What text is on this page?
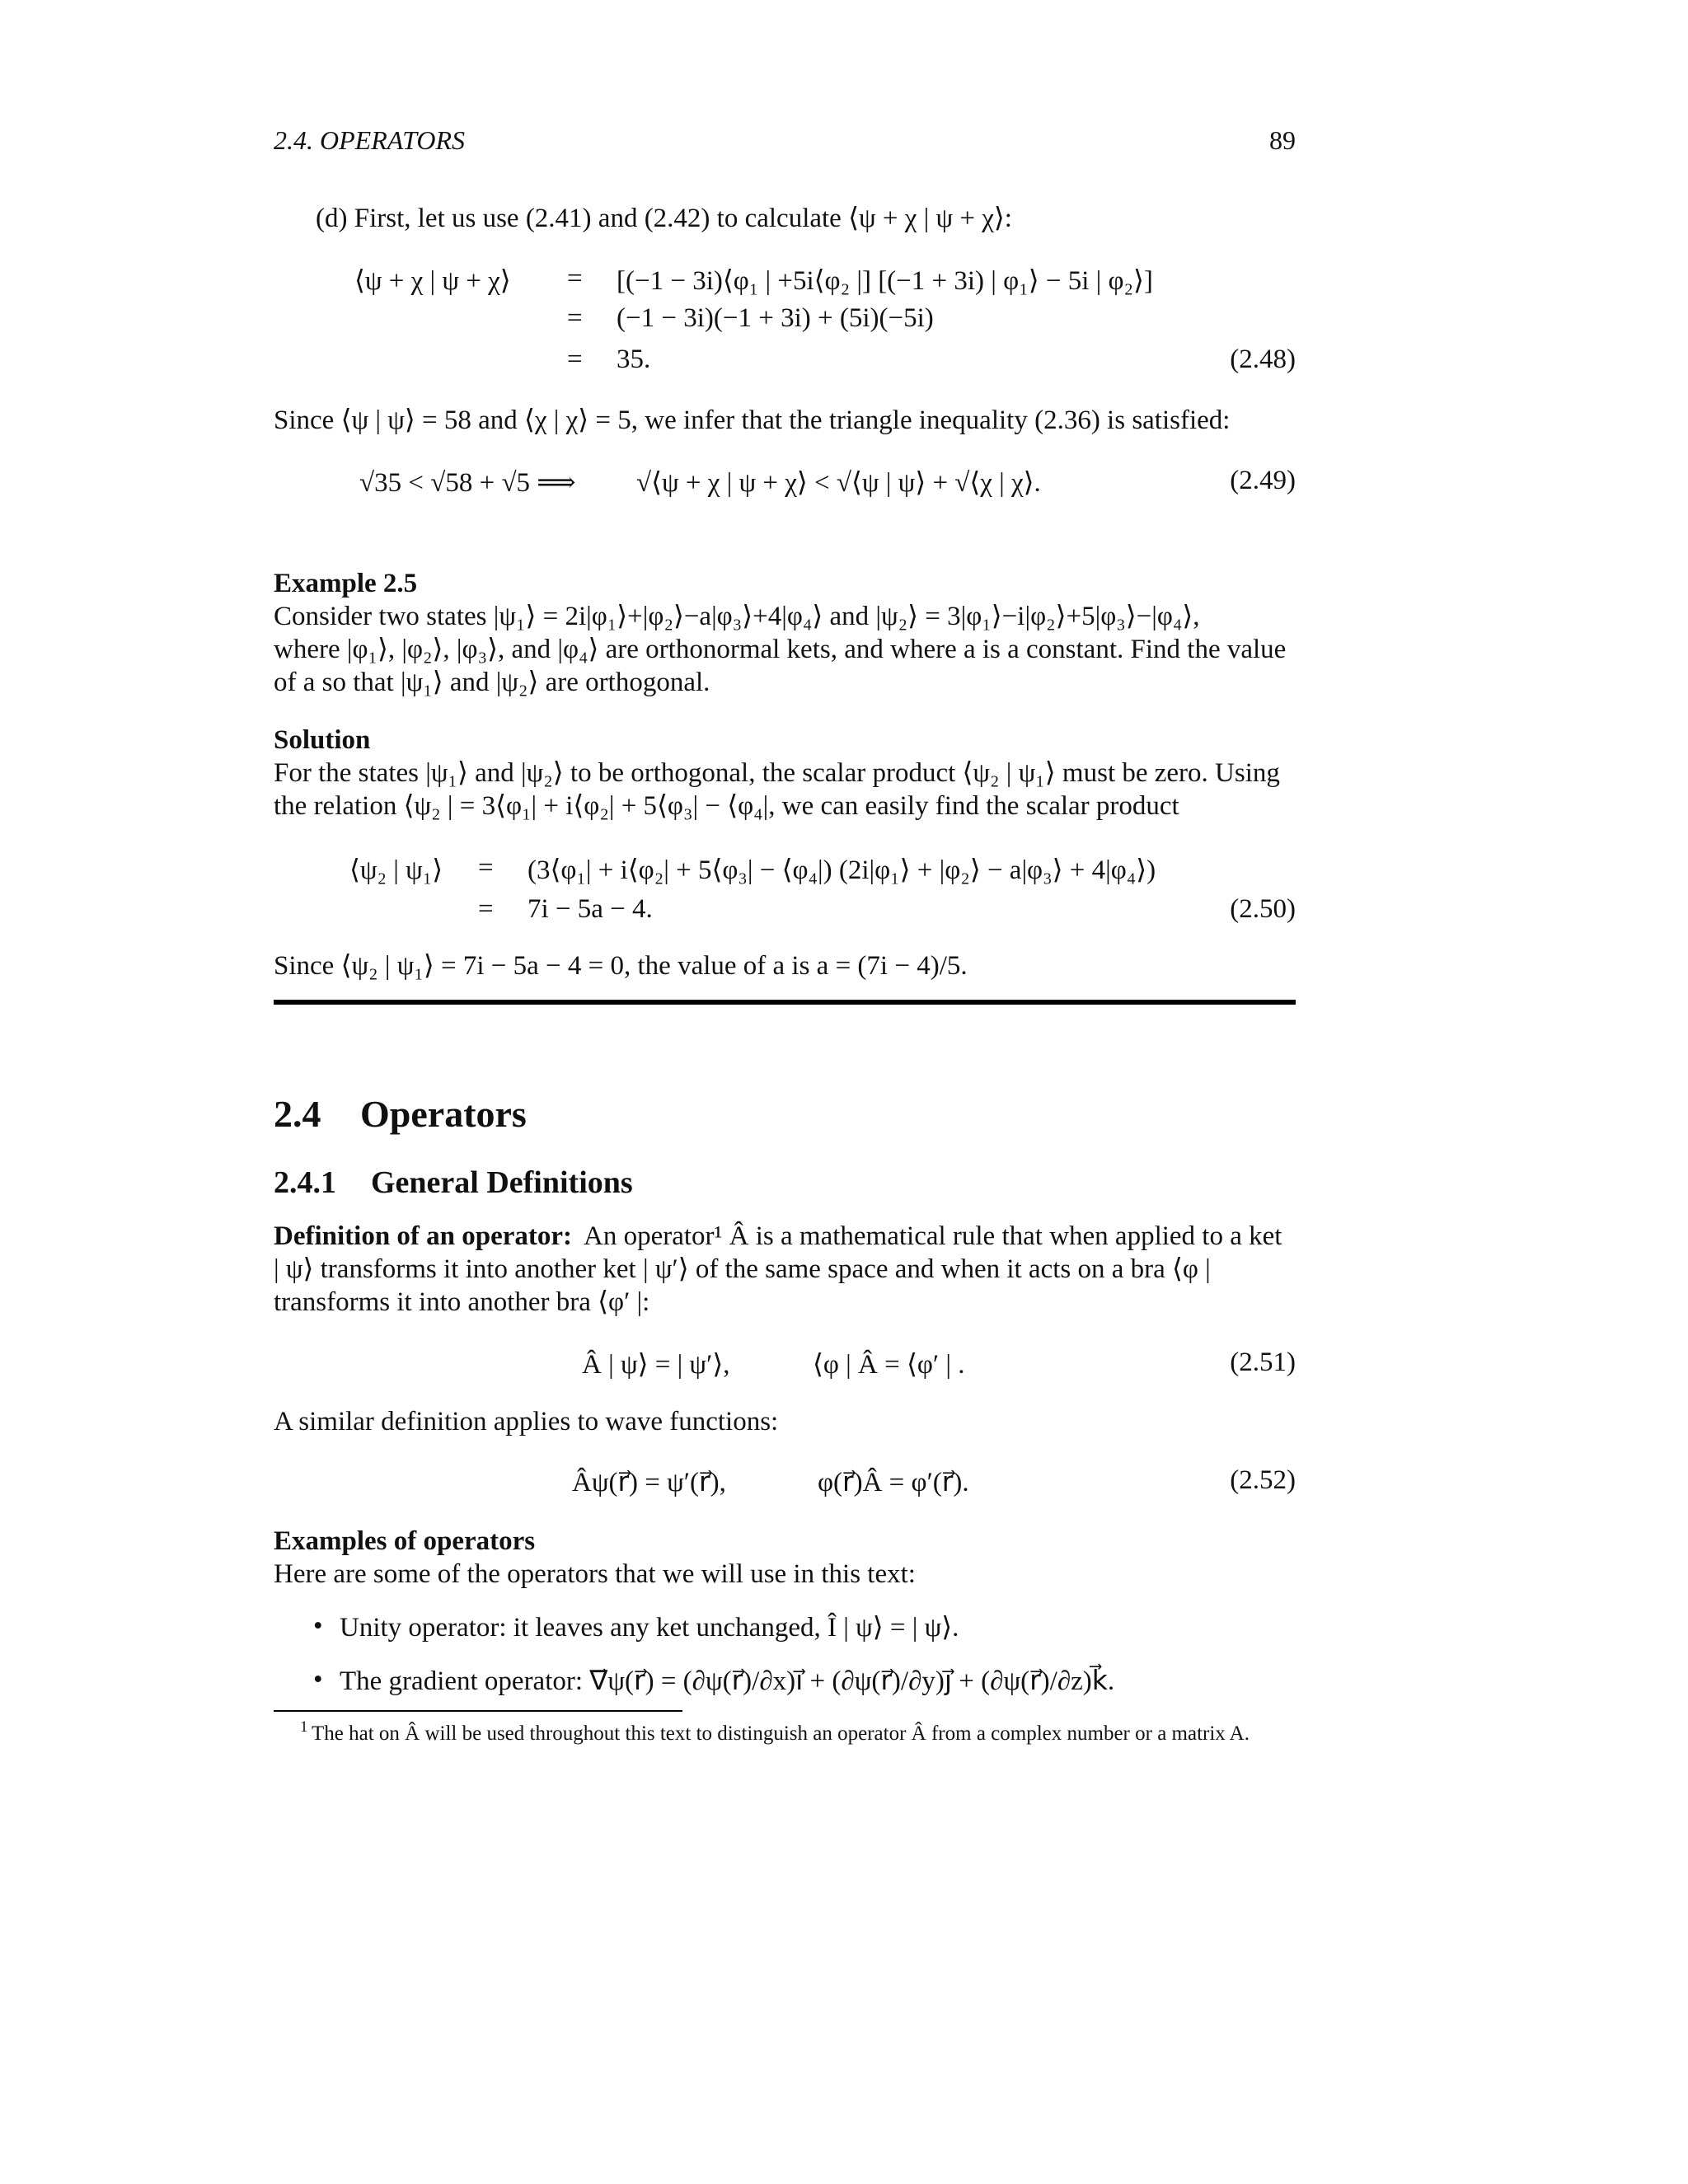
2.4. OPERATORS	89
(d) First, let us use (2.41) and (2.42) to calculate ⟨ψ + χ | ψ + χ⟩:
⟨ψ + χ | ψ + χ⟩ = [(−1 − 3i)⟨φ₁ | +5i⟨φ₂ |] [(−1 + 3i) | φ₁⟩ − 5i | φ₂⟩]
= (−1 − 3i)(−1 + 3i) + (5i)(−5i)
= 35.	(2.48)
Since ⟨ψ | ψ⟩ = 58 and ⟨χ | χ⟩ = 5, we infer that the triangle inequality (2.36) is satisfied:
√35 < √58 + √5 ⟹ √⟨ψ + χ | ψ + χ⟩ < √⟨ψ | ψ⟩ + √⟨χ | χ⟩.	(2.49)
Example 2.5
Consider two states |ψ₁⟩ = 2i|φ₁⟩+|φ₂⟩−a|φ₃⟩+4|φ₄⟩ and |ψ₂⟩ = 3|φ₁⟩−i|φ₂⟩+5|φ₃⟩−|φ₄⟩,
where |φ₁⟩, |φ₂⟩, |φ₃⟩, and |φ₄⟩ are orthonormal kets, and where a is a constant. Find the value
of a so that |ψ₁⟩ and |ψ₂⟩ are orthogonal.
Solution
For the states |ψ₁⟩ and |ψ₂⟩ to be orthogonal, the scalar product ⟨ψ₂ | ψ₁⟩ must be zero. Using
the relation ⟨ψ₂ | = 3⟨φ₁| + i⟨φ₂| + 5⟨φ₃| − ⟨φ₄|, we can easily find the scalar product
⟨ψ₂ | ψ₁⟩ = (3⟨φ₁| + i⟨φ₂| + 5⟨φ₃| − ⟨φ₄|) (2i|φ₁⟩ + |φ₂⟩ − a|φ₃⟩ + 4|φ₄⟩)
= 7i − 5a − 4.	(2.50)
Since ⟨ψ₂ | ψ₁⟩ = 7i − 5a − 4 = 0, the value of a is a = (7i − 4)/5.
2.4 Operators
2.4.1 General Definitions
Definition of an operator: An operator¹ Â is a mathematical rule that when applied to a ket
| ψ⟩ transforms it into another ket | ψ′⟩ of the same space and when it acts on a bra ⟨φ |
transforms it into another bra ⟨φ′ |:
Â | ψ⟩ = | ψ′⟩,	⟨φ | Â = ⟨φ′ | .	(2.51)
A similar definition applies to wave functions:
Âψ(r⃗) = ψ′(r⃗),	φ(r⃗)Â = φ′(r⃗).	(2.52)
Examples of operators
Here are some of the operators that we will use in this text:
• Unity operator: it leaves any ket unchanged, Î | ψ⟩ = | ψ⟩.
• The gradient operator: ∇⃗ψ(r⃗) = (∂ψ(r⃗)/∂x)i⃗ + (∂ψ(r⃗)/∂y)j⃗ + (∂ψ(r⃗)/∂z)k⃗.
1 The hat on Â will be used throughout this text to distinguish an operator Â from a complex number or a matrix A.
